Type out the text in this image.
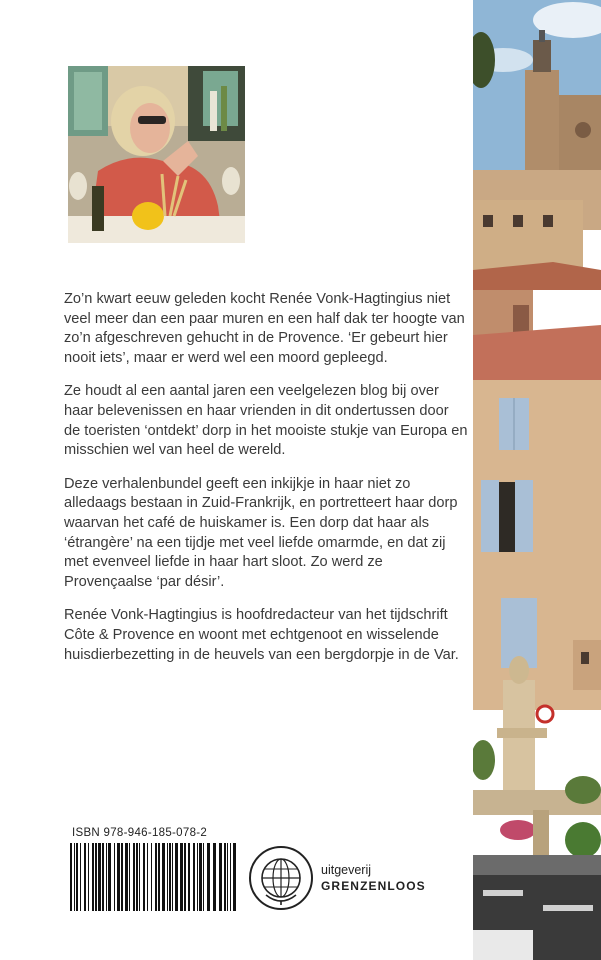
Zo’n kwart eeuw geleden kocht Renée Vonk-Hagtingius niet veel meer dan een paar muren en een half dak ter hoogte van zo’n afgeschreven gehucht in de Provence. ‘Er gebeurt hier nooit iets’, maar er werd wel een moord gepleegd.

Ze houdt al een aantal jaren een veelgelezen blog bij over haar belevenissen en haar vrienden in dit ondertussen door de toeristen ‘ontdekt’ dorp in het mooiste stukje van Europa en misschien wel van heel de wereld.

Deze verhalenbundel geeft een inkijkje in haar niet zo alledaags bestaan in Zuid-Frankrijk, en portretteert haar dorp waarvan het café de huiskamer is. Een dorp dat haar als ‘étrangère’ na een tijdje met veel liefde omarmde, en dat zij met evenveel liefde in haar hart sloot. Zo werd ze Provençaalse ‘par désir’.

Renée Vonk-Hagtingius is hoofdredacteur van het tijdschrift Côte & Provence en woont met echtgenoot en wisselende huisdierbezetting in de heuvels van een bergdorpje in de Var.

ISBN 978-946-185-078-2
uitgeverij
GRENZENLOOS
